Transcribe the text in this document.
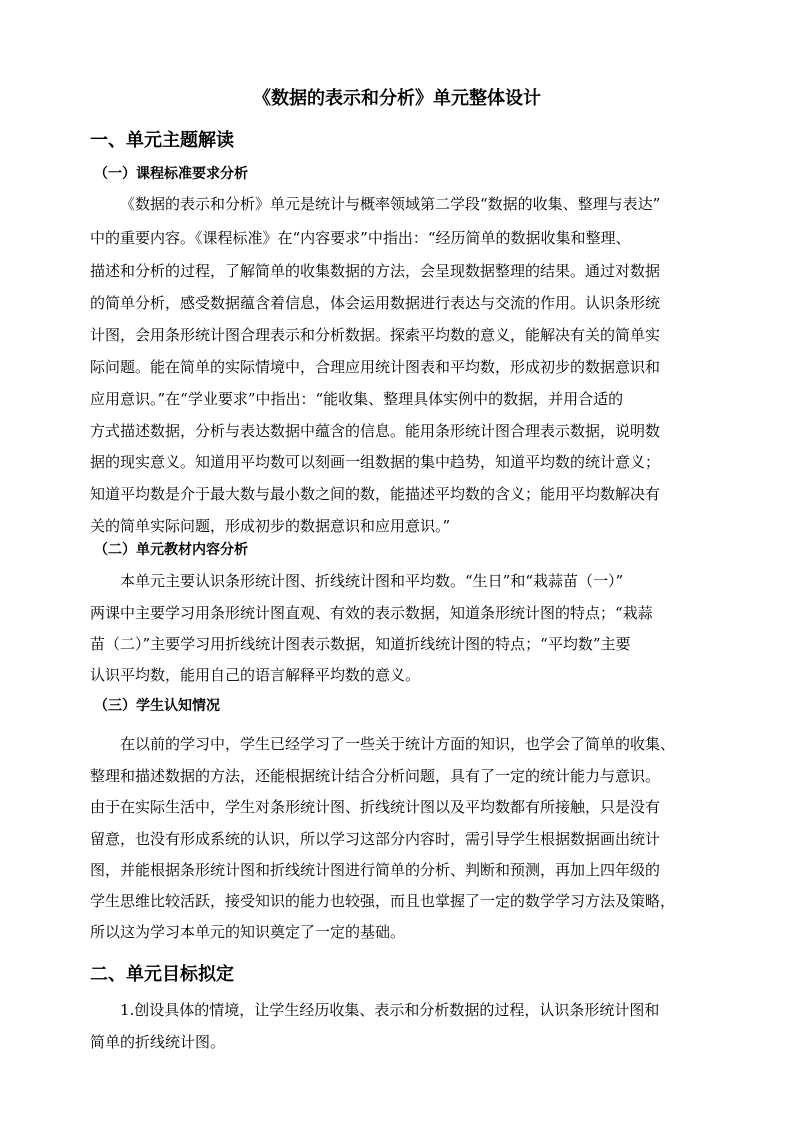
《数据的表示和分析》单元整体设计
一、单元主题解读
（一）课程标准要求分析
《数据的表示和分析》单元是统计与概率领域第二学段“数据的收集、整理与表达”
中的重要内容。《课程标准》在“内容要求”中指出：“经历简单的数据收集和整理、
描述和分析的过程，了解简单的收集数据的方法，会呈现数据整理的结果。通过对数据
的简单分析，感受数据蕴含着信息，体会运用数据进行表达与交流的作用。认识条形统
计图，会用条形统计图合理表示和分析数据。探索平均数的意义，能解决有关的简单实
际问题。能在简单的实际情境中，合理应用统计图表和平均数，形成初步的数据意识和
应用意识。”在“学业要求”中指出：“能收集、整理具体实例中的数据，并用合适的
方式描述数据，分析与表达数据中蕴含的信息。能用条形统计图合理表示数据，说明数
据的现实意义。知道用平均数可以刻画一组数据的集中趋势，知道平均数的统计意义；
知道平均数是介于最大数与最小数之间的数，能描述平均数的含义；能用平均数解决有
关的简单实际问题，形成初步的数据意识和应用意识。”
（二）单元教材内容分析
本单元主要认识条形统计图、折线统计图和平均数。“生日”和“栽蒜苗（一）”
两课中主要学习用条形统计图直观、有效的表示数据，知道条形统计图的特点；“栽蒜
苗（二）”主要学习用折线统计图表示数据，知道折线统计图的特点；“平均数”主要
认识平均数，能用自己的语言解释平均数的意义。
（三）学生认知情况
在以前的学习中，学生已经学习了一些关于统计方面的知识，也学会了简单的收集、
整理和描述数据的方法，还能根据统计结合分析问题，具有了一定的统计能力与意识。
由于在实际生活中，学生对条形统计图、折线统计图以及平均数都有所接触，只是没有
留意，也没有形成系统的认识，所以学习这部分内容时，需引导学生根据数据画出统计
图，并能根据条形统计图和折线统计图进行简单的分析、判断和预测，再加上四年级的
学生思维比较活跃，接受知识的能力也较强，而且也掌握了一定的数学学习方法及策略，
所以这为学习本单元的知识奠定了一定的基础。
二、单元目标拟定
1.创设具体的情境，让学生经历收集、表示和分析数据的过程，认识条形统计图和
简单的折线统计图。
